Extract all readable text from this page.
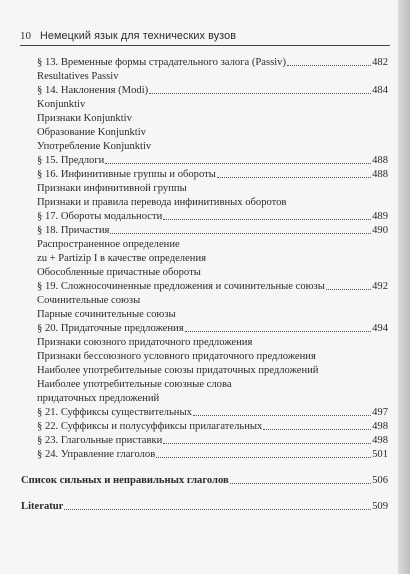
10 Немецкий язык для технических вузов
§ 13. Временные формы страдательного залога (Passiv)	482
Resultatives Passiv
§ 14. Наклонения (Modi)	484
Konjunktiv
Признаки Konjunktiv
Образование Konjunktiv
Употребление Konjunktiv
§ 15. Предлоги	488
§ 16. Инфинитивные группы и обороты	488
Признаки инфинитивной группы
Признаки и правила перевода инфинитивных оборотов
§ 17. Обороты модальности	489
§ 18. Причастия	490
Распространенное определение
zu + Partizip I в качестве определения
Обособленные причастные обороты
§ 19. Сложносочиненные предложения и сочинительные союзы	492
Сочинительные союзы
Парные сочинительные союзы
§ 20. Придаточные предложения	494
Признаки союзного придаточного предложения
Признаки бессоюзного условного придаточного предложения
Наиболее употребительные союзы придаточных предложений
Наиболее употребительные союзные слова
придаточных предложений
§ 21. Суффиксы существительных	497
§ 22. Суффиксы и полусуффиксы прилагательных	498
§ 23. Глагольные приставки	498
§ 24. Управление глаголов	501
Список сильных и неправильных глаголов	506
Literatur	509
